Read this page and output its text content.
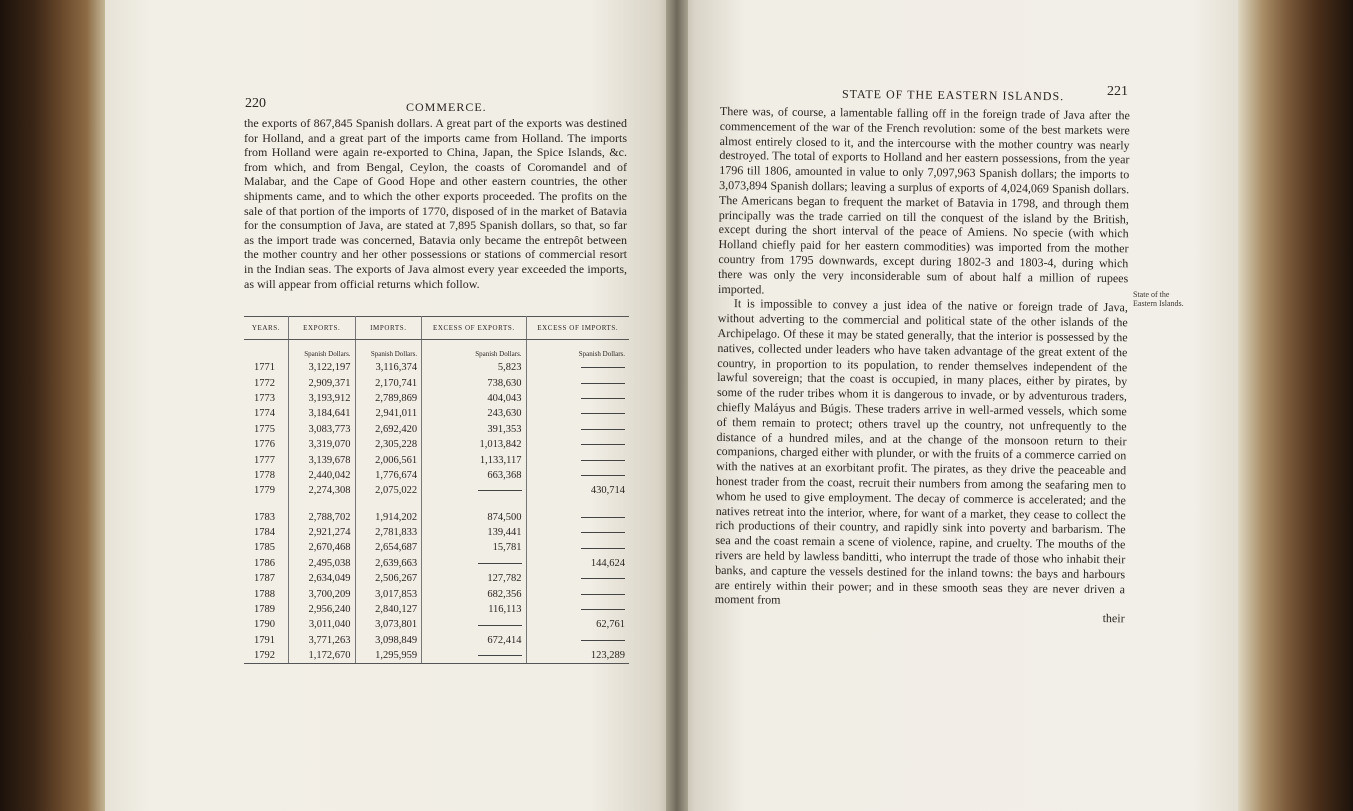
220	COMMERCE.

the exports of 867,845 Spanish dollars. A great part of the exports was destined for Holland, and a great part of the imports came from Holland. The imports from Holland were again re-exported to China, Japan, the Spice Islands, &c. from which, and from Bengal, Ceylon, the coasts of Coromandel and of Malabar, and the Cape of Good Hope and other eastern countries, the other shipments came, and to which the other exports proceeded. The profits on the sale of that portion of the imports of 1770, disposed of in the market of Batavia for the consumption of Java, are stated at 7,895 Spanish dollars, so that, so far as the import trade was concerned, Batavia only became the entrepôt between the mother country and her other possessions or stations of commercial resort in the Indian seas. The exports of Java almost every year exceeded the imports, as will appear from official returns which follow.

YEARS.	EXPORTS.	IMPORTS.	EXCESS OF EXPORTS.	EXCESS OF IMPORTS.
	Spanish Dollars.	Spanish Dollars.	Spanish Dollars.	Spanish Dollars.
1771	3,122,197	3,116,374	5,823	
1772	2,909,371	2,170,741	738,630	
1773	3,193,912	2,789,869	404,043	
1774	3,184,641	2,941,011	243,630	
1775	3,083,773	2,692,420	391,353	
1776	3,319,070	2,305,228	1,013,842	
1777	3,139,678	2,006,561	1,133,117	
1778	2,440,042	1,776,674	663,368	
1779	2,274,308	2,075,022		430,714

1783	2,788,702	1,914,202	874,500	
1784	2,921,274	2,781,833	139,441	
1785	2,670,468	2,654,687	15,781	
1786	2,495,038	2,639,663		144,624
1787	2,634,049	2,506,267	127,782	
1788	3,700,209	3,017,853	682,356	
1789	2,956,240	2,840,127	116,113	
1790	3,011,040	3,073,801		62,761
1791	3,771,263	3,098,849	672,414	
1792	1,172,670	1,295,959		123,289
STATE OF THE EASTERN ISLANDS.	221

There was, of course, a lamentable falling off in the foreign trade of Java after the commencement of the war of the French revolution: some of the best markets were almost entirely closed to it, and the intercourse with the mother country was nearly destroyed. The total of exports to Holland and her eastern possessions, from the year 1796 till 1806, amounted in value to only 7,097,963 Spanish dollars; the imports to 3,073,894 Spanish dollars; leaving a surplus of exports of 4,024,069 Spanish dollars. The Americans began to frequent the market of Batavia in 1798, and through them principally was the trade carried on till the conquest of the island by the British, except during the short interval of the peace of Amiens. No specie (with which Holland chiefly paid for her eastern commodities) was imported from the mother country from 1795 downwards, except during 1802-3 and 1803-4, during which there was only the very inconsiderable sum of about half a million of rupees imported.

It is impossible to convey a just idea of the native or foreign trade of Java, without adverting to the commercial and political state of the other islands of the Archipelago. Of these it may be stated generally, that the interior is possessed by the natives, collected under leaders who have taken advantage of the great extent of the country, in proportion to its population, to render themselves independent of the lawful sovereign; that the coast is occupied, in many places, either by pirates, by some of the ruder tribes whom it is dangerous to invade, or by adventurous traders, chiefly Maláyus and Búgis. These traders arrive in well-armed vessels, which some of them remain to protect; others travel up the country, not unfrequently to the distance of a hundred miles, and at the change of the monsoon return to their companions, charged either with plunder, or with the fruits of a commerce carried on with the natives at an exorbitant profit. The pirates, as they drive the peaceable and honest trader from the coast, recruit their numbers from among the seafaring men to whom he used to give employment. The decay of commerce is accelerated; and the natives retreat into the interior, where, for want of a market, they cease to collect the rich productions of their country, and rapidly sink into poverty and barbarism. The sea and the coast remain a scene of violence, rapine, and cruelty. The mouths of the rivers are held by lawless banditti, who interrupt the trade of those who inhabit their banks, and capture the vessels destined for the inland towns: the bays and harbours are entirely within their power; and in these smooth seas they are never driven a moment from

their
State of the Eastern Islands.
